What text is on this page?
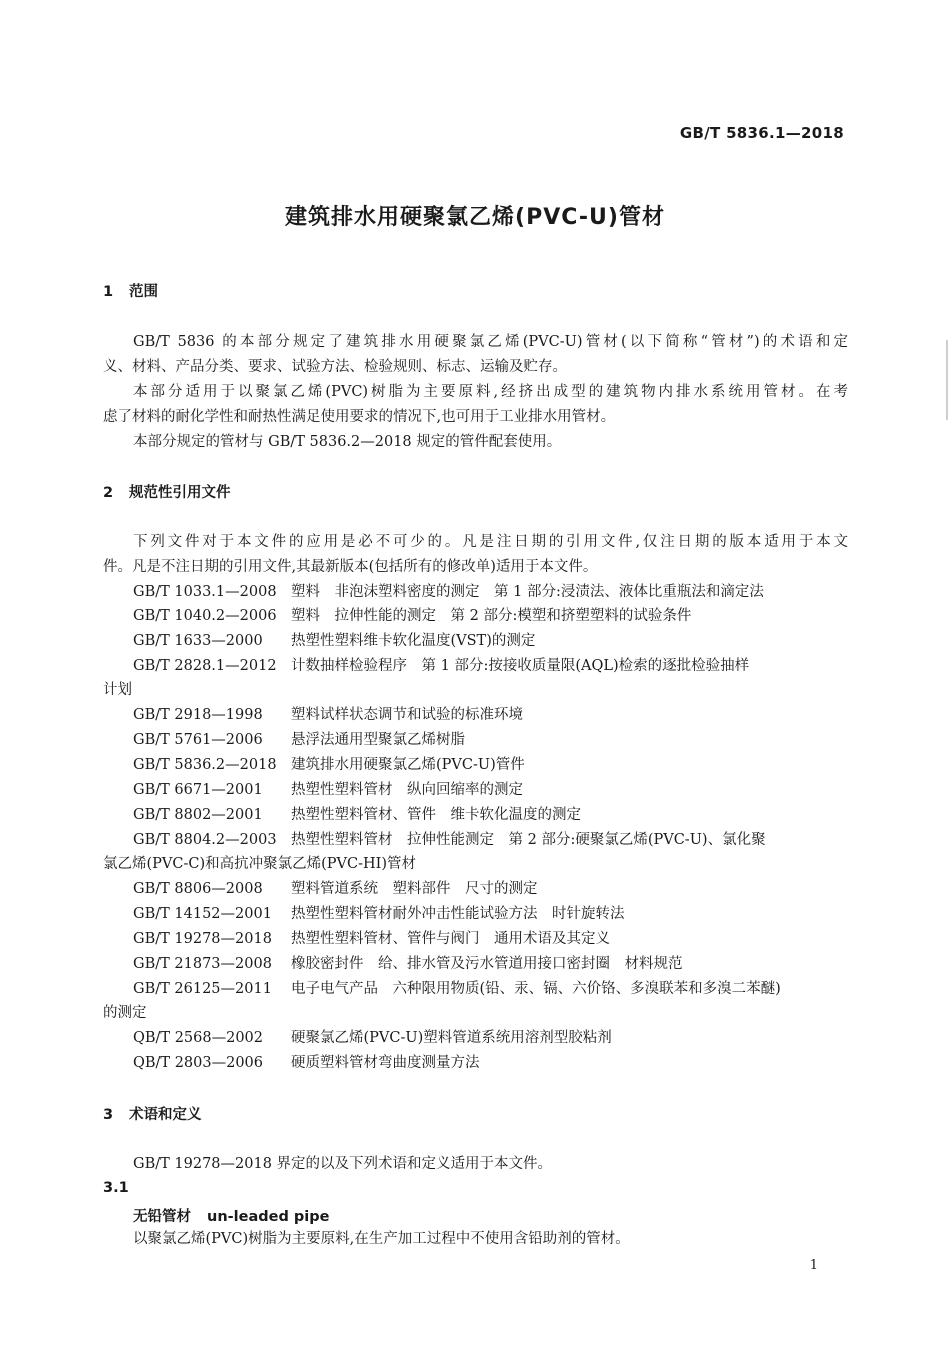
GB/T 5836.1—2018
建筑排水用硬聚氯乙烯(PVC-U)管材
1 范围
GB/T 5836 的本部分规定了建筑排水用硬聚氯乙烯(PVC-U)管材(以下简称“管材”)的术语和定
义、材料、产品分类、要求、试验方法、检验规则、标志、运输及贮存。
本部分适用于以聚氯乙烯(PVC)树脂为主要原料,经挤出成型的建筑物内排水系统用管材。在考
虑了材料的耐化学性和耐热性满足使用要求的情况下,也可用于工业排水用管材。
本部分规定的管材与 GB/T 5836.2—2018 规定的管件配套使用。
2 规范性引用文件
下列文件对于本文件的应用是必不可少的。凡是注日期的引用文件,仅注日期的版本适用于本文
件。凡是不注日期的引用文件,其最新版本(包括所有的修改单)适用于本文件。
GB/T 1033.1—2008 塑料　非泡沫塑料密度的测定　第 1 部分:浸渍法、液体比重瓶法和滴定法
GB/T 1040.2—2006 塑料　拉伸性能的测定　第 2 部分:模塑和挤塑塑料的试验条件
GB/T 1633—2000 热塑性塑料维卡软化温度(VST)的测定
GB/T 2828.1—2012 计数抽样检验程序　第 1 部分:按接收质量限(AQL)检索的逐批检验抽样
计划
GB/T 2918—1998 塑料试样状态调节和试验的标准环境
GB/T 5761—2006 悬浮法通用型聚氯乙烯树脂
GB/T 5836.2—2018 建筑排水用硬聚氯乙烯(PVC-U)管件
GB/T 6671—2001 热塑性塑料管材　纵向回缩率的测定
GB/T 8802—2001 热塑性塑料管材、管件　维卡软化温度的测定
GB/T 8804.2—2003 热塑性塑料管材　拉伸性能测定　第 2 部分:硬聚氯乙烯(PVC-U)、氯化聚
氯乙烯(PVC-C)和高抗冲聚氯乙烯(PVC-HI)管材
GB/T 8806—2008 塑料管道系统　塑料部件　尺寸的测定
GB/T 14152—2001 热塑性塑料管材耐外冲击性能试验方法　时针旋转法
GB/T 19278—2018 热塑性塑料管材、管件与阀门　通用术语及其定义
GB/T 21873—2008 橡胶密封件　给、排水管及污水管道用接口密封圈　材料规范
GB/T 26125—2011 电子电气产品　六种限用物质(铅、汞、镉、六价铬、多溴联苯和多溴二苯醚)
的测定
QB/T 2568—2002 硬聚氯乙烯(PVC-U)塑料管道系统用溶剂型胶粘剂
QB/T 2803—2006 硬质塑料管材弯曲度测量方法
3 术语和定义
GB/T 19278—2018 界定的以及下列术语和定义适用于本文件。
3.1
无铅管材 un-leaded pipe
以聚氯乙烯(PVC)树脂为主要原料,在生产加工过程中不使用含铅助剂的管材。
1
